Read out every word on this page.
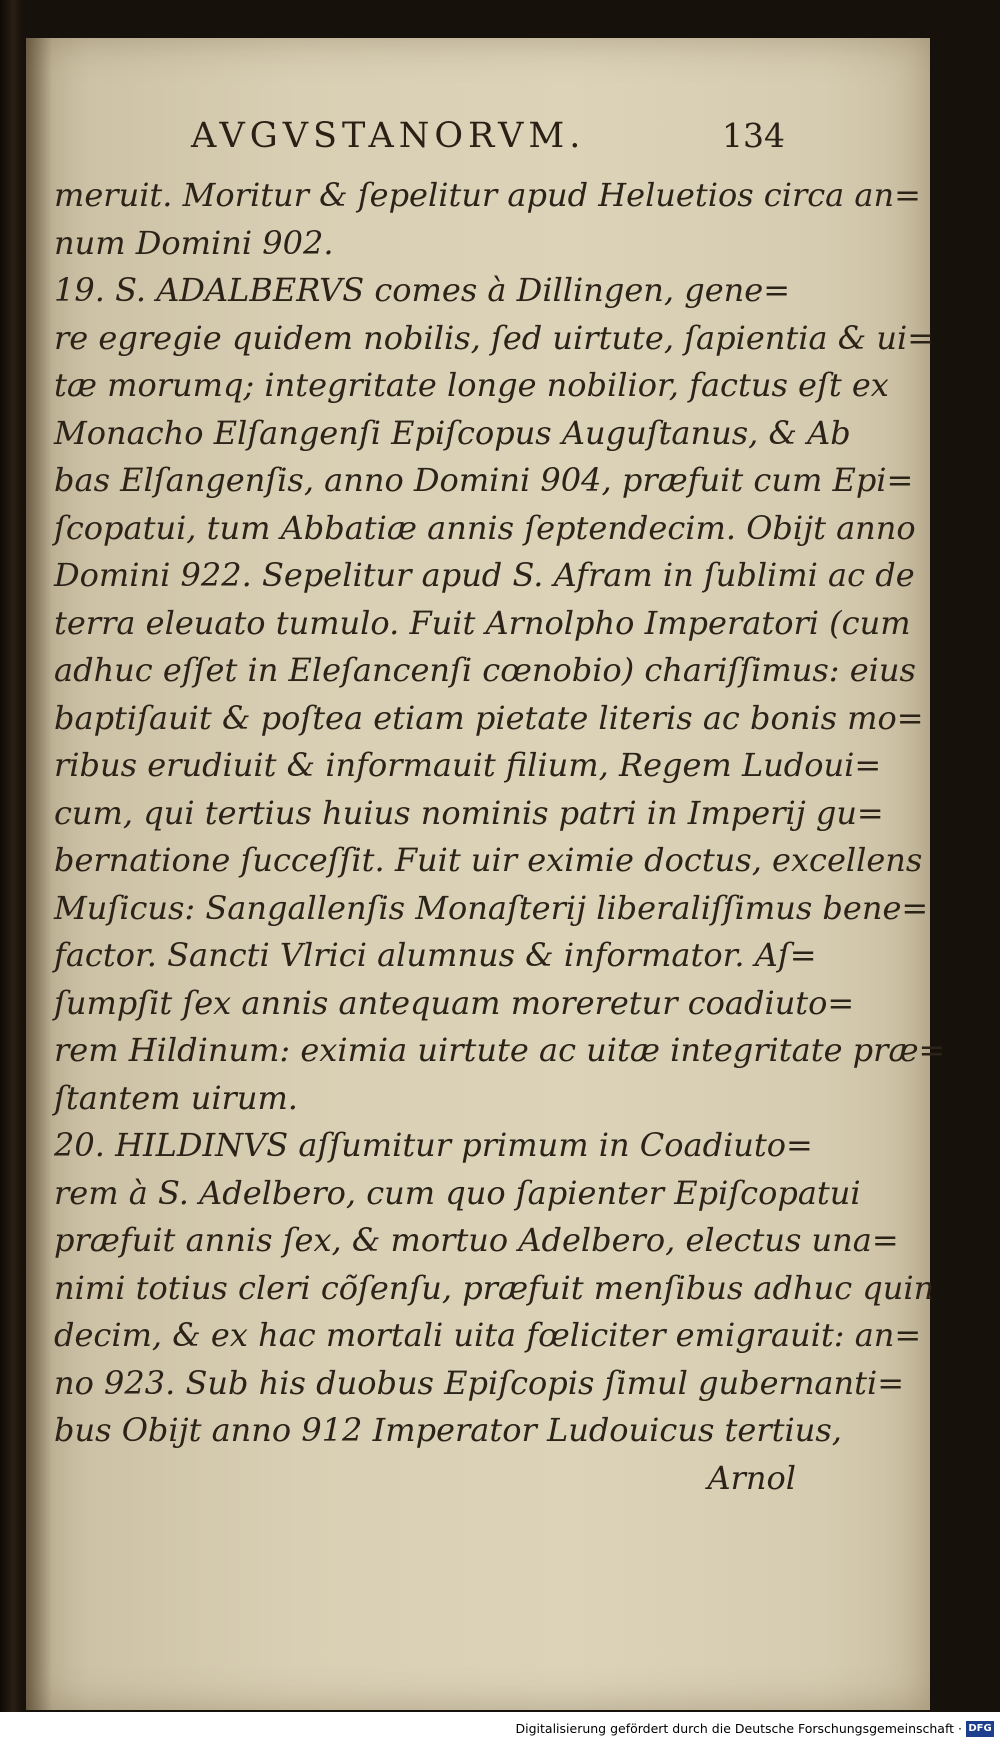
AVGVSTANORVM.	134
meruit. Moritur & ſepelitur apud Heluetios circa an=
num Domini 902.
19. S. ADALBERVS comes à Dillingen, gene=
re egregie quidem nobilis, ſed uirtute, ſapientia & ui=
tæ morumq; integritate longe nobilior, factus eſt ex
Monacho Elſangenſi Epiſcopus Auguſtanus, & Ab
bas Elſangenſis, anno Domini 904, præfuit cum Epi=
ſcopatui, tum Abbatiæ annis ſeptendecim. Obijt anno
Domini 922. Sepelitur apud S. Afram in ſublimi ac de
terra eleuato tumulo. Fuit Arnolpho Imperatori (cum
adhuc eſſet in Eleſancenſi cœnobio) chariſſimus: eius
baptiſauit & poſtea etiam pietate literis ac bonis mo=
ribus erudiuit & informauit filium, Regem Ludoui=
cum, qui tertius huius nominis patri in Imperij gu=
bernatione ſucceſſit. Fuit uir eximie doctus, excellens
Muſicus: Sangallenſis Monaſterij liberaliſſimus bene=
factor. Sancti Vlrici alumnus & informator. Aſ=
ſumpſit ſex annis antequam moreretur coadiuto=
rem Hildinum: eximia uirtute ac uitæ integritate præ=
ſtantem uirum.
20. HILDINVS aſſumitur primum in Coadiuto=
rem à S. Adelbero, cum quo ſapienter Epiſcopatui
præfuit annis ſex, & mortuo Adelbero, electus una=
nimi totius cleri cõſenſu, præfuit menſibus adhuc quin
decim, & ex hac mortali uita fœliciter emigrauit: an=
no 923. Sub his duobus Epiſcopis ſimul gubernanti=
bus Obijt anno 912 Imperator Ludouicus tertius,
Arnol
Digitalisierung gefördert durch die Deutsche Forschungsgemeinschaft · DFG
